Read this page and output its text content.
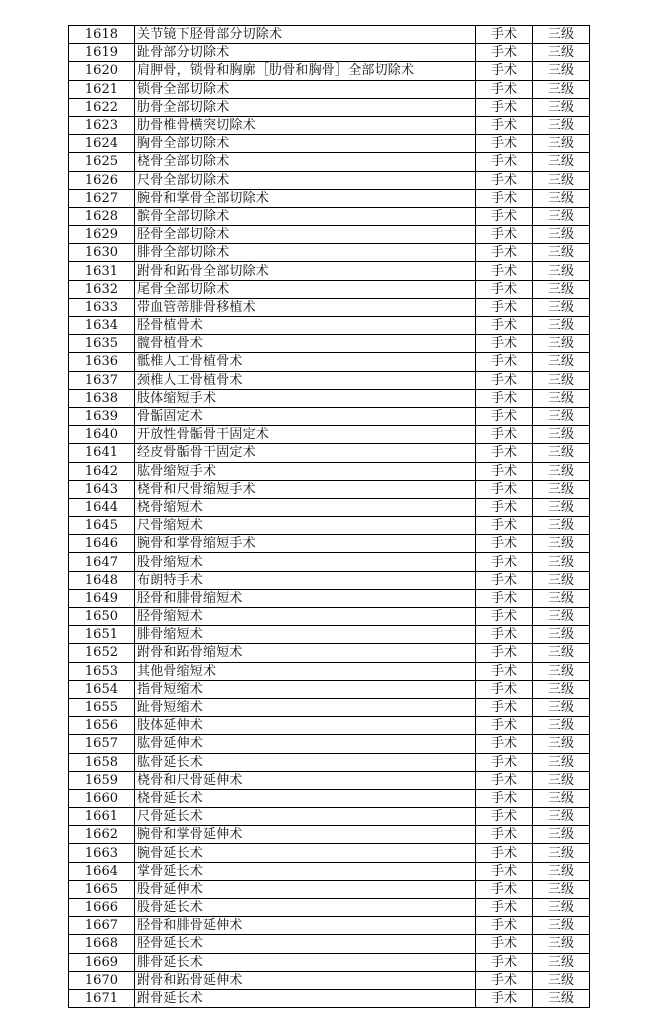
1618	关节镜下胫骨部分切除术	手术	三级
1619	趾骨部分切除术	手术	三级
1620	肩胛骨，锁骨和胸廓［肋骨和胸骨］全部切除术	手术	三级
1621	锁骨全部切除术	手术	三级
1622	肋骨全部切除术	手术	三级
1623	肋骨椎骨横突切除术	手术	三级
1624	胸骨全部切除术	手术	三级
1625	桡骨全部切除术	手术	三级
1626	尺骨全部切除术	手术	三级
1627	腕骨和掌骨全部切除术	手术	三级
1628	髌骨全部切除术	手术	三级
1629	胫骨全部切除术	手术	三级
1630	腓骨全部切除术	手术	三级
1631	跗骨和跖骨全部切除术	手术	三级
1632	尾骨全部切除术	手术	三级
1633	带血管蒂腓骨移植术	手术	三级
1634	胫骨植骨术	手术	三级
1635	髋骨植骨术	手术	三级
1636	骶椎人工骨植骨术	手术	三级
1637	颈椎人工骨植骨术	手术	三级
1638	肢体缩短手术	手术	三级
1639	骨骺固定术	手术	三级
1640	开放性骨骺骨干固定术	手术	三级
1641	经皮骨骺骨干固定术	手术	三级
1642	肱骨缩短手术	手术	三级
1643	桡骨和尺骨缩短手术	手术	三级
1644	桡骨缩短术	手术	三级
1645	尺骨缩短术	手术	三级
1646	腕骨和掌骨缩短手术	手术	三级
1647	股骨缩短术	手术	三级
1648	布朗特手术	手术	三级
1649	胫骨和腓骨缩短术	手术	三级
1650	胫骨缩短术	手术	三级
1651	腓骨缩短术	手术	三级
1652	跗骨和跖骨缩短术	手术	三级
1653	其他骨缩短术	手术	三级
1654	指骨短缩术	手术	三级
1655	趾骨短缩术	手术	三级
1656	肢体延伸术	手术	三级
1657	肱骨延伸术	手术	三级
1658	肱骨延长术	手术	三级
1659	桡骨和尺骨延伸术	手术	三级
1660	桡骨延长术	手术	三级
1661	尺骨延长术	手术	三级
1662	腕骨和掌骨延伸术	手术	三级
1663	腕骨延长术	手术	三级
1664	掌骨延长术	手术	三级
1665	股骨延伸术	手术	三级
1666	股骨延长术	手术	三级
1667	胫骨和腓骨延伸术	手术	三级
1668	胫骨延长术	手术	三级
1669	腓骨延长术	手术	三级
1670	跗骨和跖骨延伸术	手术	三级
1671	跗骨延长术	手术	三级
